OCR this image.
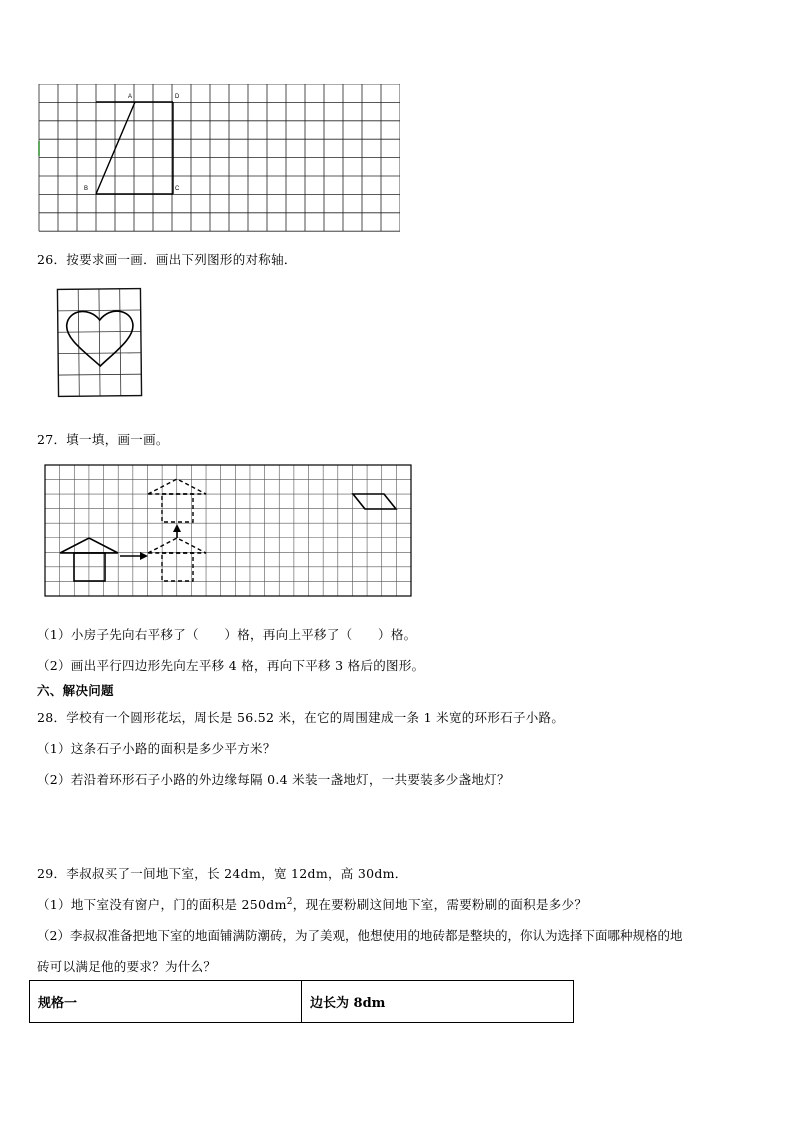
A	D
B	C
26．按要求画一画．画出下列图形的对称轴．
27．填一填，画一画。
（1）小房子先向右平移了（　　）格，再向上平移了（　　）格。
（2）画出平行四边形先向左平移 4 格，再向下平移 3 格后的图形。
六、解决问题
28．学校有一个圆形花坛，周长是 56.52 米，在它的周围建成一条 1 米宽的环形石子小路。
（1）这条石子小路的面积是多少平方米？
（2）若沿着环形石子小路的外边缘每隔 0.4 米装一盏地灯，一共要装多少盏地灯？
29．李叔叔买了一间地下室，长 24dm，宽 12dm，高 30dm．
（1）地下室没有窗户，门的面积是 $250dm^2$，现在要粉刷这间地下室，需要粉刷的面积是多少？
（2）李叔叔准备把地下室的地面铺满防潮砖，为了美观，他想使用的地砖都是整块的，你认为选择下面哪种规格的地
砖可以满足他的要求？为什么？
规格一	边长为 8dm
